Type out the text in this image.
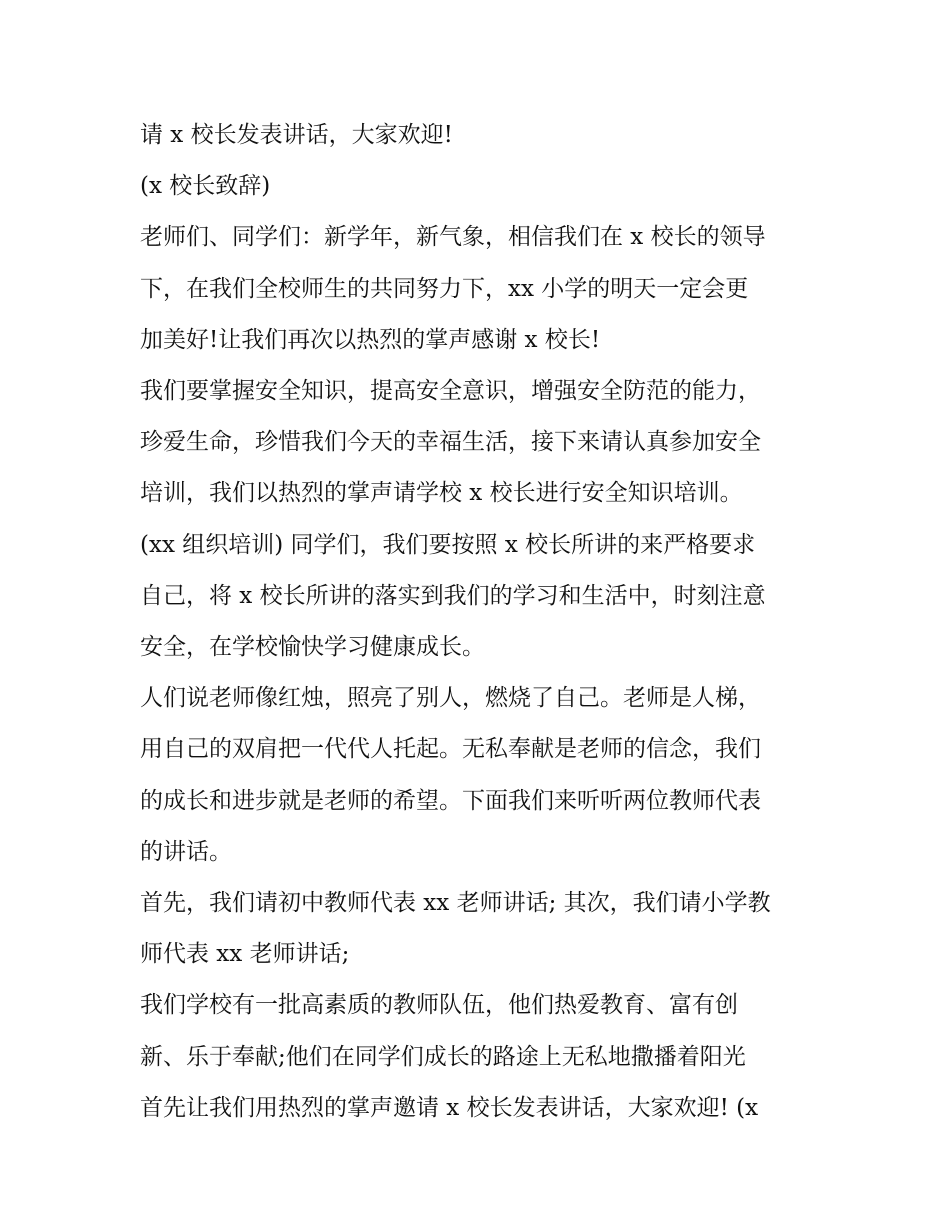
请 x 校长发表讲话，大家欢迎!
(x 校长致辞)
老师们、同学们：新学年，新气象，相信我们在 x 校长的领导
下，在我们全校师生的共同努力下，xx 小学的明天一定会更
加美好!让我们再次以热烈的掌声感谢 x 校长!
我们要掌握安全知识，提高安全意识，增强安全防范的能力，
珍爱生命，珍惜我们今天的幸福生活，接下来请认真参加安全
培训，我们以热烈的掌声请学校 x 校长进行安全知识培训。
(xx 组织培训) 同学们，我们要按照 x 校长所讲的来严格要求
自己，将 x 校长所讲的落实到我们的学习和生活中，时刻注意
安全，在学校愉快学习健康成长。
人们说老师像红烛，照亮了别人，燃烧了自己。老师是人梯，
用自己的双肩把一代代人托起。无私奉献是老师的信念，我们
的成长和进步就是老师的希望。下面我们来听听两位教师代表
的讲话。
首先，我们请初中教师代表 xx 老师讲话; 其次，我们请小学教
师代表 xx 老师讲话;
我们学校有一批高素质的教师队伍，他们热爱教育、富有创
新、乐于奉献;他们在同学们成长的路途上无私地撒播着阳光
首先让我们用热烈的掌声邀请 x 校长发表讲话，大家欢迎! (x
